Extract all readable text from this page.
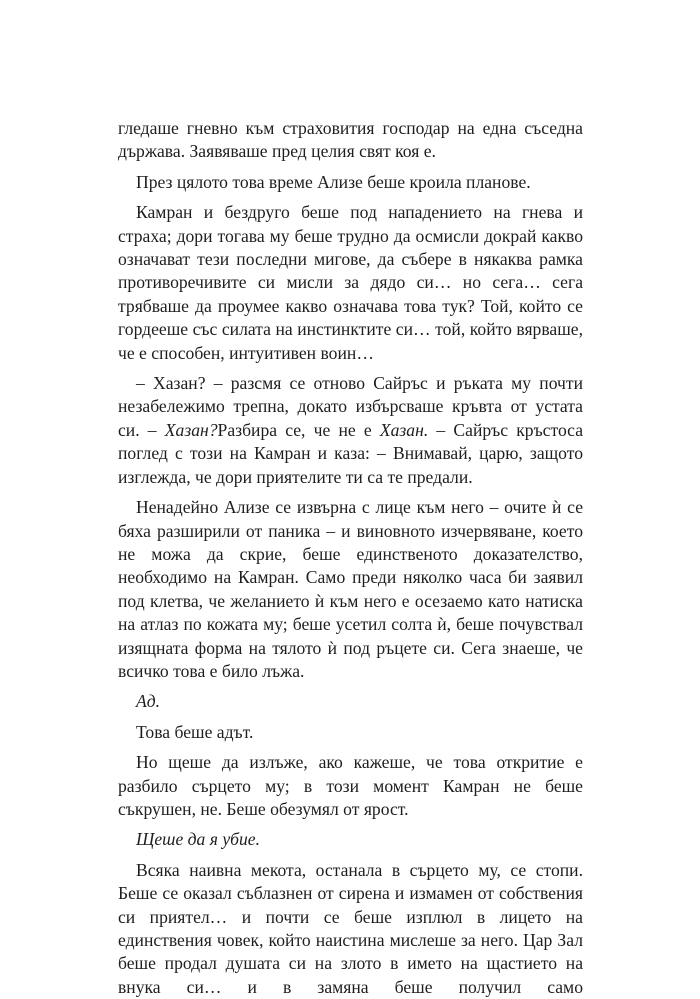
гледаше гневно към страховития господар на една съседна държава. Заявяваше пред целия свят коя е.

През цялото това време Ализе беше кроила планове.

Камран и бездруго беше под нападението на гнева и страха; дори тогава му беше трудно да осмисли докрай какво означават тези последни мигове, да събере в някаква рамка противоречивите си мисли за дядо си… но сега… сега трябваше да проумее какво означава това тук? Той, който се гордееше със силата на инстинктите си… той, който вярваше, че е способен, интуитивен воин…

– Хазан? – разсмя се отново Сайръс и ръката му почти незабележимо трепна, докато избърсваше кръвта от устата си. – Хазан?Разбира се, че не е Хазан. – Сайръс кръстоса поглед с този на Камран и каза: – Внимавай, царю, защото изглежда, че дори приятелите ти са те предали.

Ненадейно Ализе се извърна с лице към него – очите ѝ се бяха разширили от паника – и виновното изчервяване, което не можа да скрие, беше единственото доказателство, необходимо на Камран. Само преди няколко часа би заявил под клетва, че желанието ѝ към него е осезаемо като натиска на атлаз по кожата му; беше усетил солта ѝ, беше почувствал изящната форма на тялото ѝ под ръцете си. Сега знаеше, че всичко това е било лъжа.

Ад.

Това беше адът.

Но щеше да излъже, ако кажеше, че това откритие е разбило сърцето му; в този момент Камран не беше съкрушен, не. Беше обезумял от ярост.

Щеше да я убие.

Всяка наивна мекота, останала в сърцето му, се стопи. Беше се оказал съблазнен от сирена и измамен от собствения си приятел… и почти се беше изплюл в лицето на единствения човек, който наистина мислеше за него. Цар Зал беше продал душата си на злото в името на щастието на внука си… и в замяна беше получил само
